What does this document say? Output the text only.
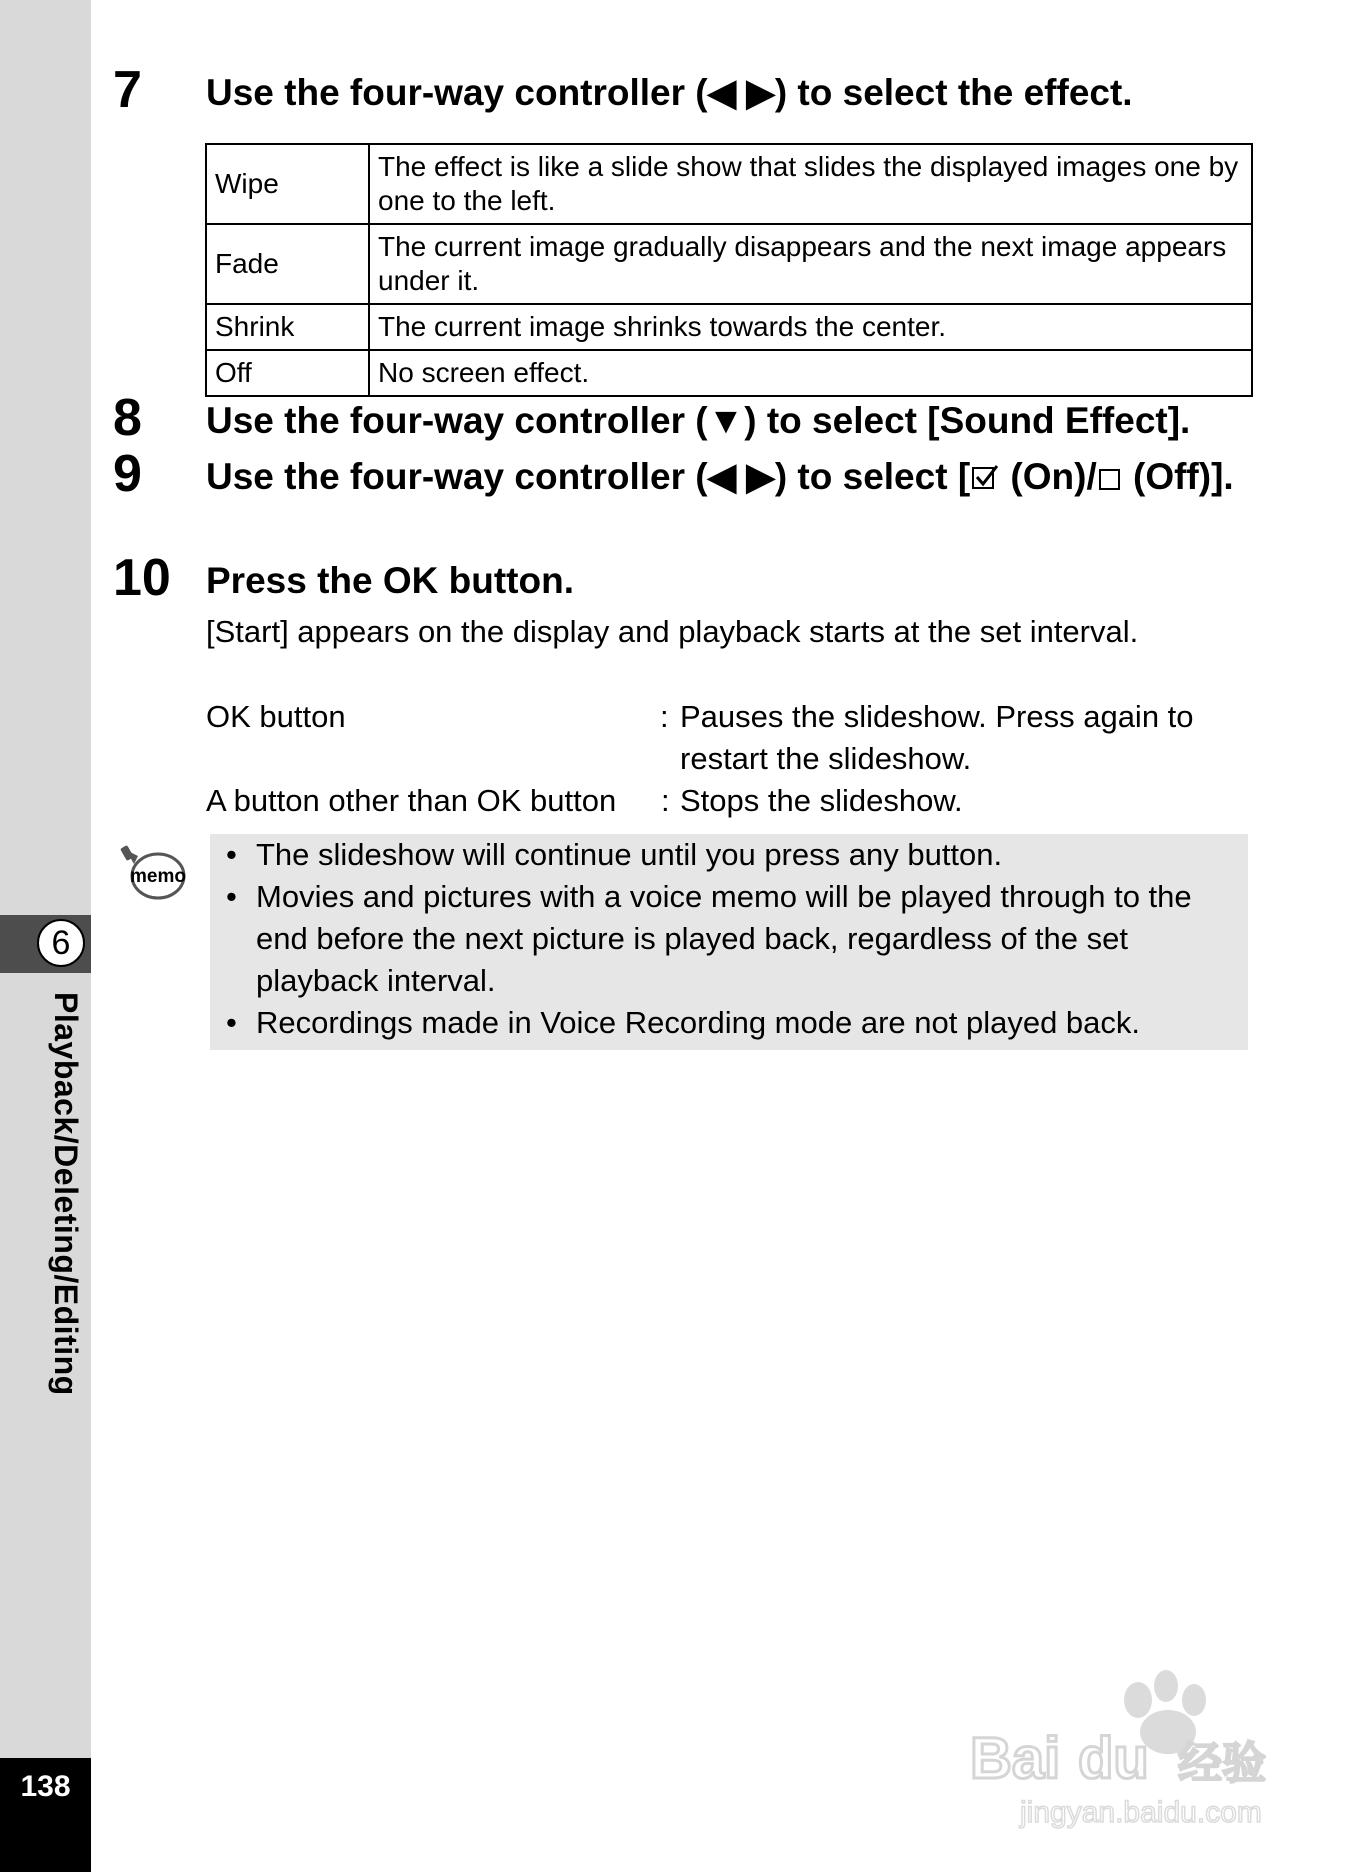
6
Playback/Deleting/Editing
138
7 Use the four-way controller (◀ ▶) to select the effect.
Wipe	The effect is like a slide show that slides the displayed images one by one to the left.
Fade	The current image gradually disappears and the next image appears under it.
Shrink	The current image shrinks towards the center.
Off	No screen effect.
8 Use the four-way controller (▼) to select [Sound Effect].
9 Use the four-way controller (◀ ▶) to select [ (On)/ (Off)].
10 Press the OK button.
[Start] appears on the display and playback starts at the set interval.
OK button	: Pauses the slideshow. Press again to restart the slideshow.
A button other than OK button : Stops the slideshow.
memo
• The slideshow will continue until you press any button.
• Movies and pictures with a voice memo will be played through to the end before the next picture is played back, regardless of the set playback interval.
• Recordings made in Voice Recording mode are not played back.
Bai du 经验
jingyan.baidu.com
